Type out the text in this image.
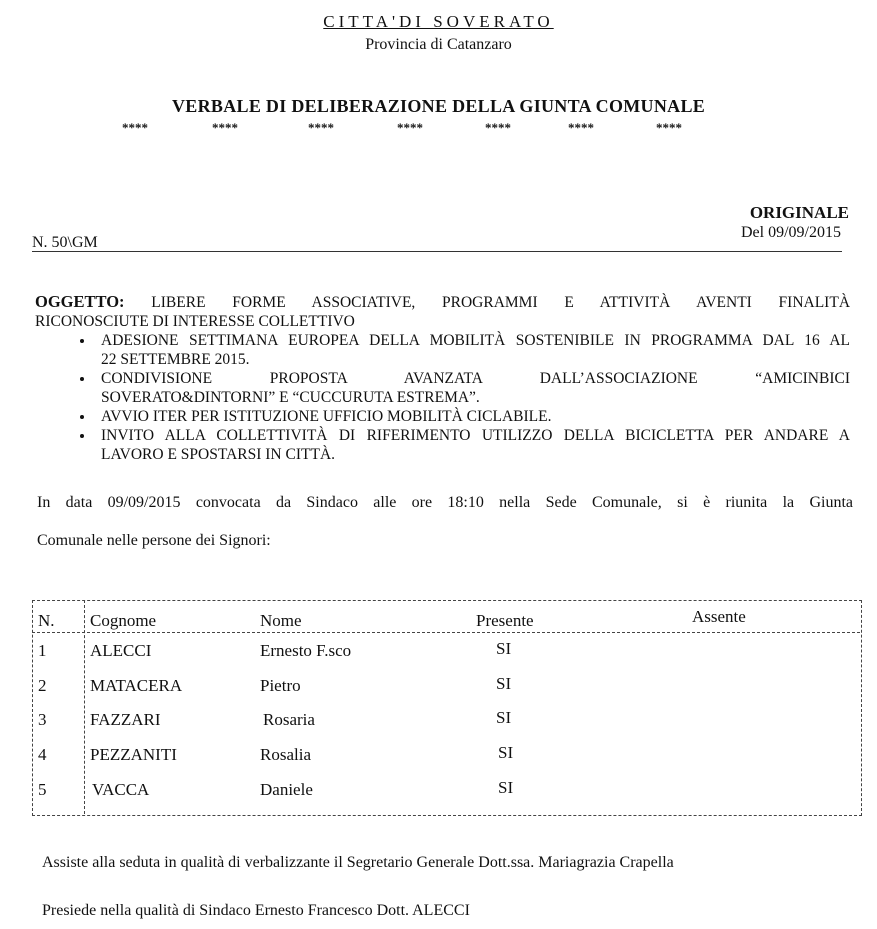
CITTA'DI SOVERATO
Provincia di Catanzaro
VERBALE DI DELIBERAZIONE DELLA GIUNTA COMUNALE
****	****	****	****	****	****	****
ORIGINALE
Del 09/09/2015
N. 50\GM
OGGETTO: LIBERE FORME ASSOCIATIVE, PROGRAMMI E ATTIVITÀ AVENTI FINALITÀ
RICONOSCIUTE DI INTERESSE COLLETTIVO
• ADESIONE SETTIMANA EUROPEA DELLA MOBILITÀ SOSTENIBILE IN PROGRAMMA DAL 16 AL
22 SETTEMBRE 2015.
• CONDIVISIONE PROPOSTA AVANZATA DALL’ASSOCIAZIONE “AMICINBICI
SOVERATO&DINTORNI” E “CUCCURUTA ESTREMA”.
• AVVIO ITER PER ISTITUZIONE UFFICIO MOBILITÀ CICLABILE.
• INVITO ALLA COLLETTIVITÀ DI RIFERIMENTO UTILIZZO DELLA BICICLETTA PER ANDARE A
LAVORO E SPOSTARSI IN CITTÀ.
In data 09/09/2015 convocata da Sindaco alle ore 18:10 nella Sede Comunale, si è riunita la Giunta
Comunale nelle persone dei Signori:
N. Cognome	Nome	Presente	Assente
1	ALECCI	Ernesto F.sco	SI
2	MATACERA	Pietro	SI
3	FAZZARI	Rosaria	SI
4	PEZZANITI	Rosalia	SI
5	VACCA	Daniele	SI
Assiste alla seduta in qualità di verbalizzante il Segretario Generale Dott.ssa. Mariagrazia Crapella
Presiede nella qualità di Sindaco Ernesto Francesco Dott. ALECCI
